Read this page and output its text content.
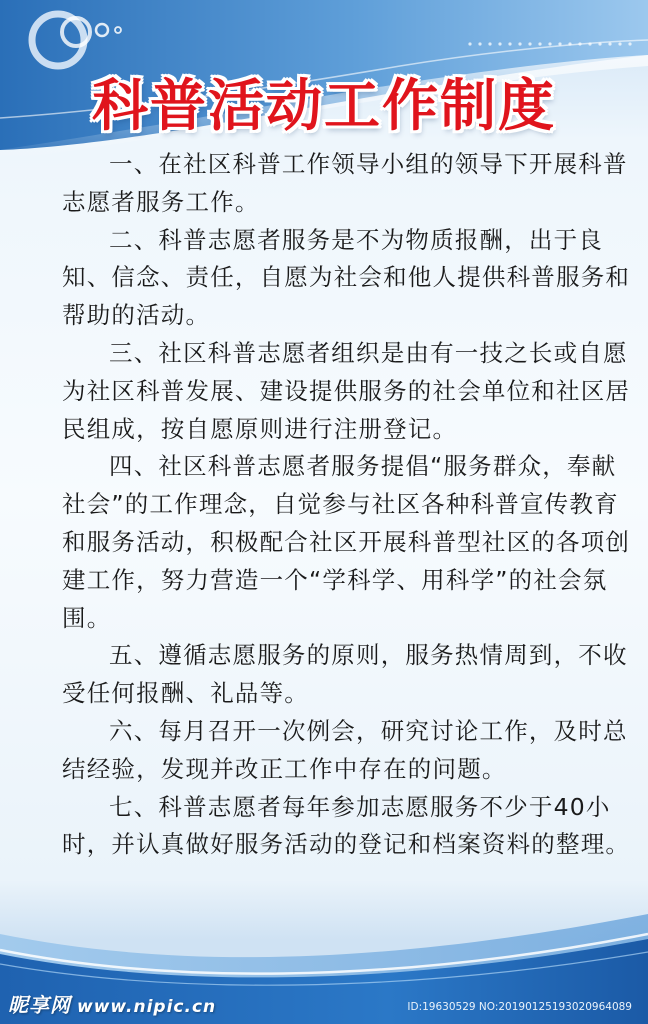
科普活动工作制度

一、在社区科普工作领导小组的领导下开展科普志愿者服务工作。

二、科普志愿者服务是不为物质报酬，出于良知、信念、责任，自愿为社会和他人提供科普服务和帮助的活动。

三、社区科普志愿者组织是由有一技之长或自愿为社区科普发展、建设提供服务的社会单位和社区居民组成，按自愿原则进行注册登记。

四、社区科普志愿者服务提倡“服务群众，奉献社会”的工作理念，自觉参与社区各种科普宣传教育和服务活动，积极配合社区开展科普型社区的各项创建工作，努力营造一个“学科学、用科学”的社会氛围。

五、遵循志愿服务的原则，服务热情周到，不收受任何报酬、礼品等。

六、每月召开一次例会，研究讨论工作，及时总结经验，发现并改正工作中存在的问题。

七、科普志愿者每年参加志愿服务不少于40小时，并认真做好服务活动的登记和档案资料的整理。

昵享网 www.nipic.cn	ID:19630529 NO:20190125193020964089
